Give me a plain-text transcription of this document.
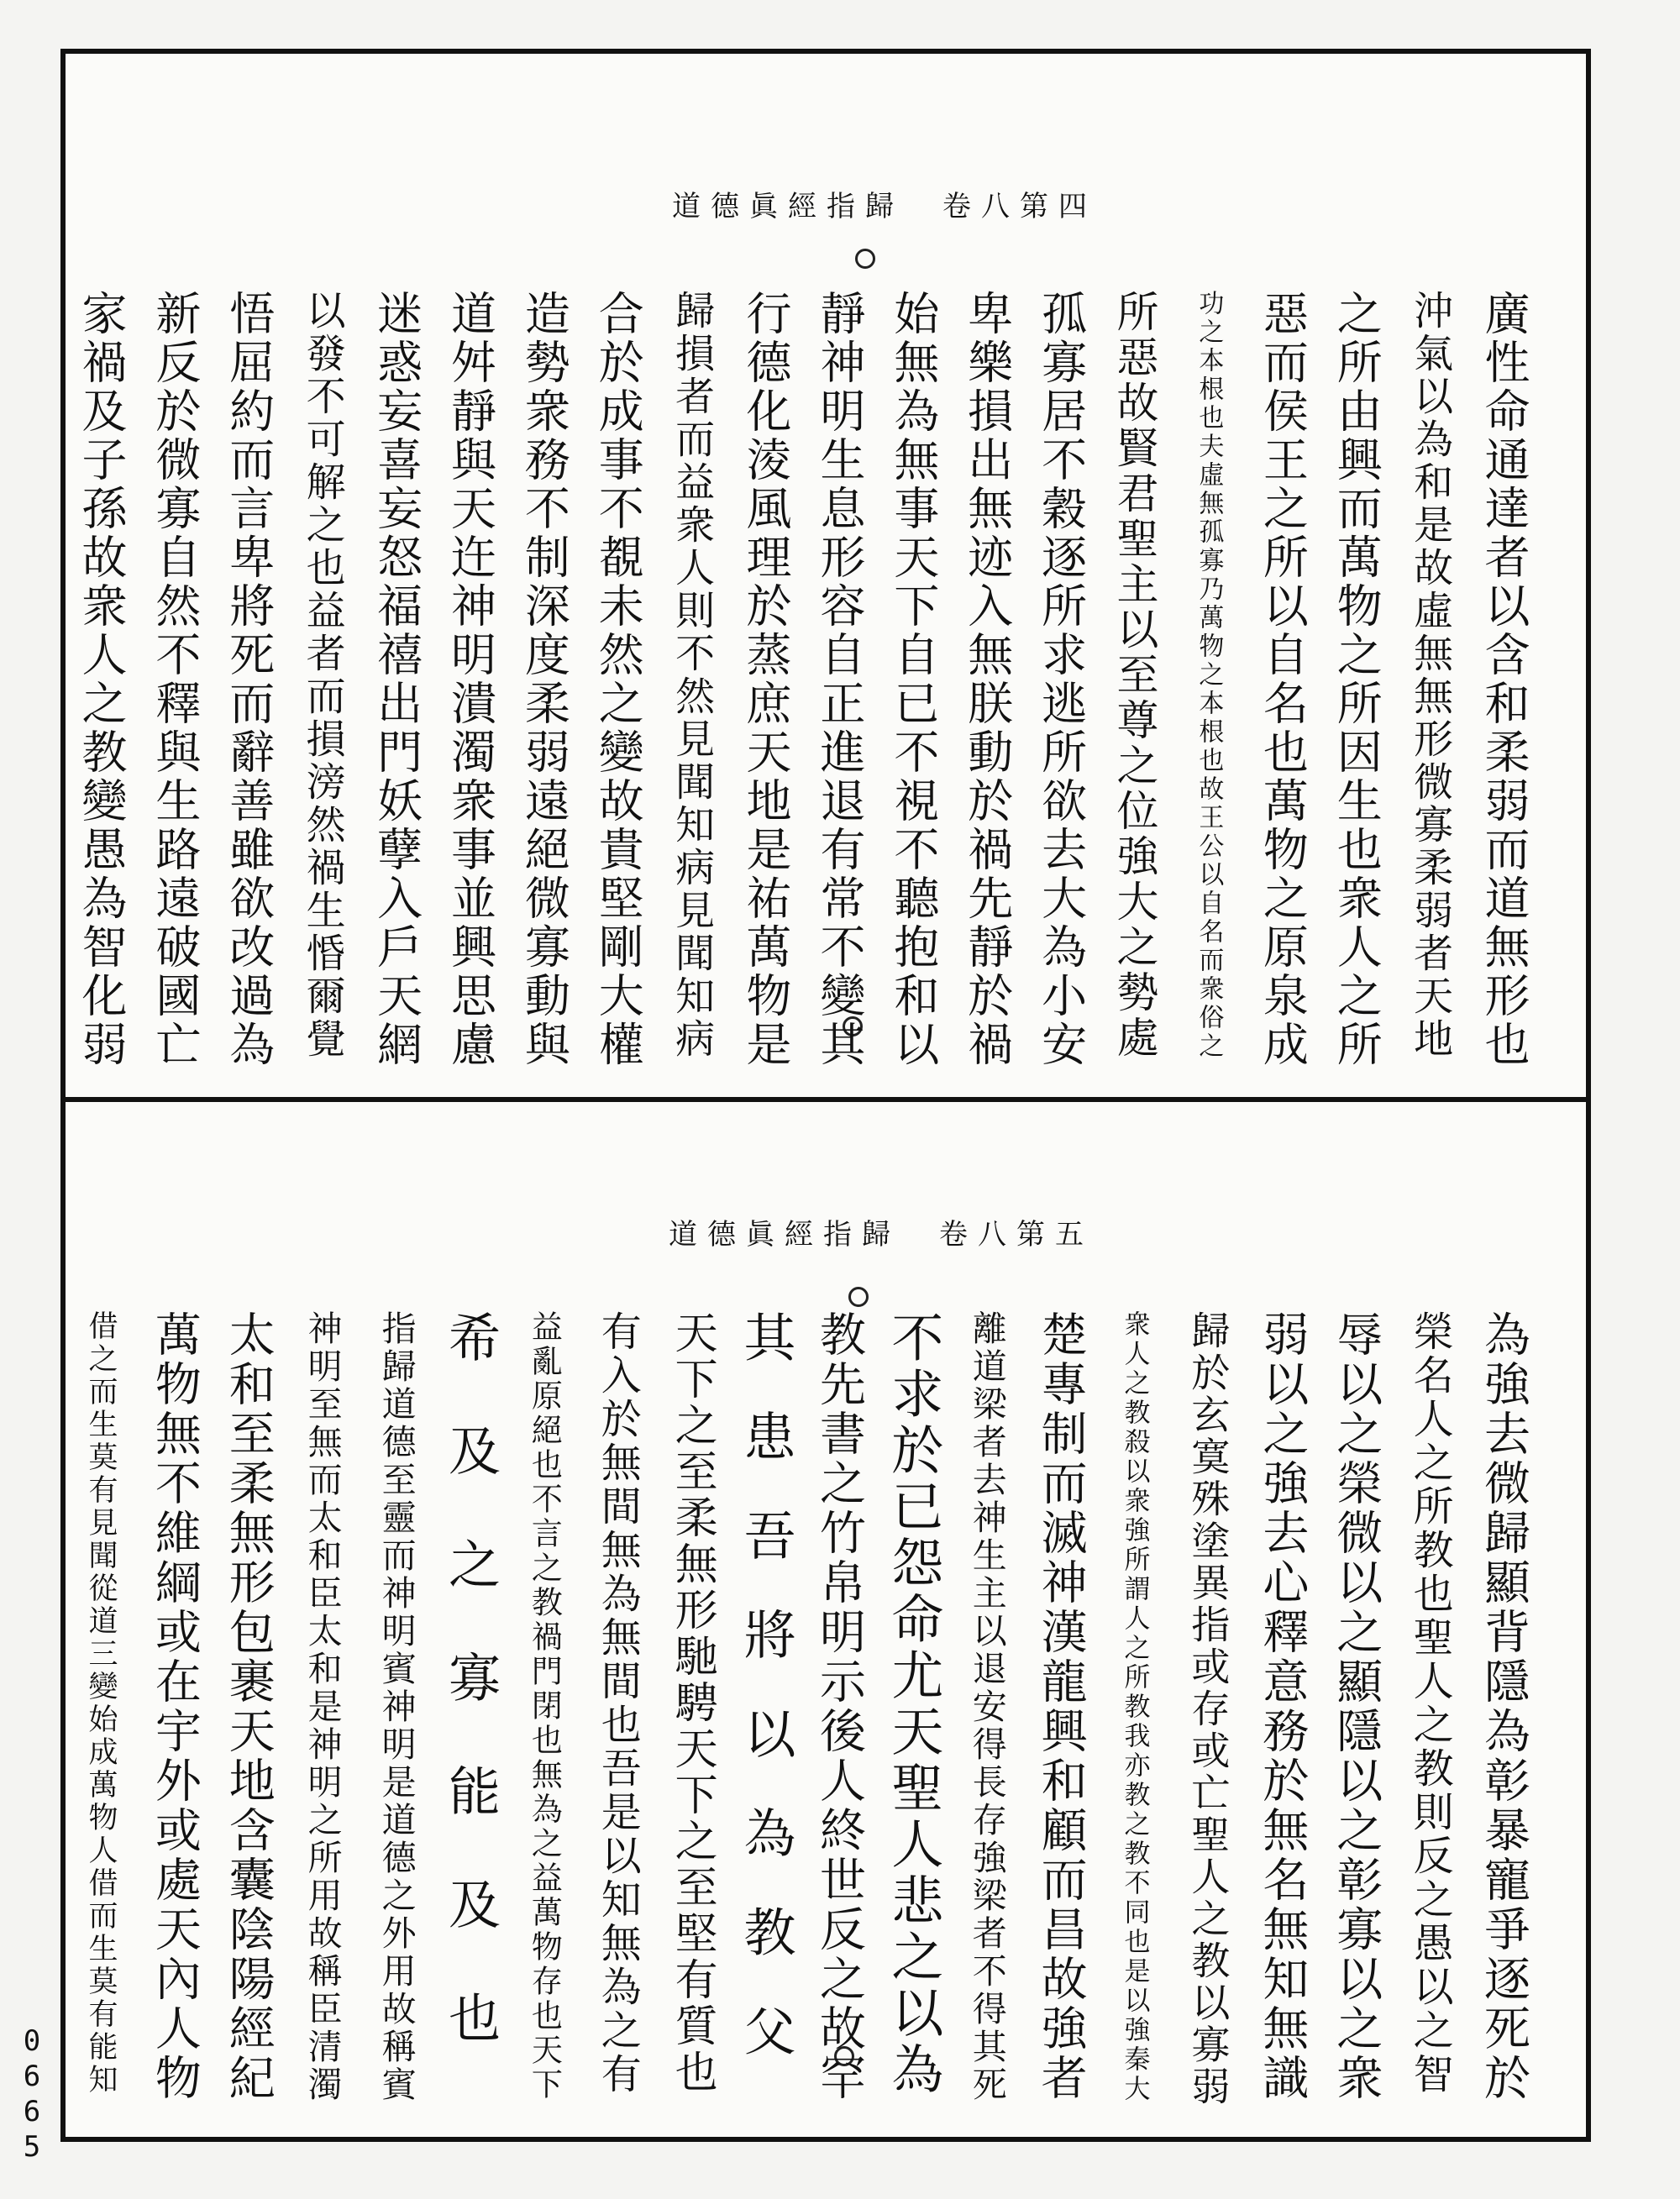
道德眞經指歸　卷八第四
道德眞經指歸　卷八第五
廣性命通達者以含和柔弱而道無形也
沖氣以為和是故虛無無形微寡柔弱者天地
之所由興而萬物之所因生也衆人之所
惡而侯王之所以自名也萬物之原泉成
功之本根也夫虛無孤寡乃萬物之本根也故王公以自名而衆俗之
所惡故賢君聖主以至尊之位強大之勢處
孤寡居不穀逐所求逃所欲去大為小安
卑樂損出無迹入無朕動於禍先靜於禍
始無為無事天下自已不視不聽抱和以
靜神明生息形容自正進退有常不變其
行德化淩風理於蒸庶天地是祐萬物是
歸損者而益衆人則不然見聞知病見聞知病
合於成事不覩未然之變故貴堅剛大權
造勢衆務不制深度柔弱遠絕微寡動與
道舛靜與天迕神明潰濁衆事並興思慮
迷惑妄喜妄怒福禧出門妖孽入戶天網
以發不可解之也益者而損滂然禍生惛爾覺
悟屈約而言卑將死而辭善雖欲改過為
新反於微寡自然不釋與生路遠破國亡
家禍及子孫故衆人之教變愚為智化弱
為強去微歸顯背隱為彰暴寵爭逐死於
榮名人之所教也聖人之教則反之愚以之智
辱以之榮微以之顯隱以之彰寡以之衆
弱以之強去心釋意務於無名無知無識
歸於玄寞殊塗異指或存或亡聖人之教以寡弱
衆人之教殺以衆強所謂人之所教我亦教之教不同也是以強秦大
楚專制而滅神漢龍興和顧而昌故強者
離道梁者去神生主以退安得長存強梁者不得其死
不求於已怨命尤天聖人悲之以為
教先書之竹帛明示後人終世反之故罕
其患吾將以為教父
天下之至柔無形馳騁天下之至堅有質也
有入於無間無為無間也吾是以知無為之有
益亂原絕也不言之教禍門閉也無為之益萬物存也天下
希及之寡能及也
指歸道德至靈而神明賓神明是道德之外用故稱賓
神明至無而太和臣太和是神明之所用故稱臣清濁
太和至柔無形包裹天地含囊陰陽經紀
萬物無不維綱或在宇外或處天內人物
借之而生莫有見聞從道三變始成萬物人借而生莫有能知
0665
